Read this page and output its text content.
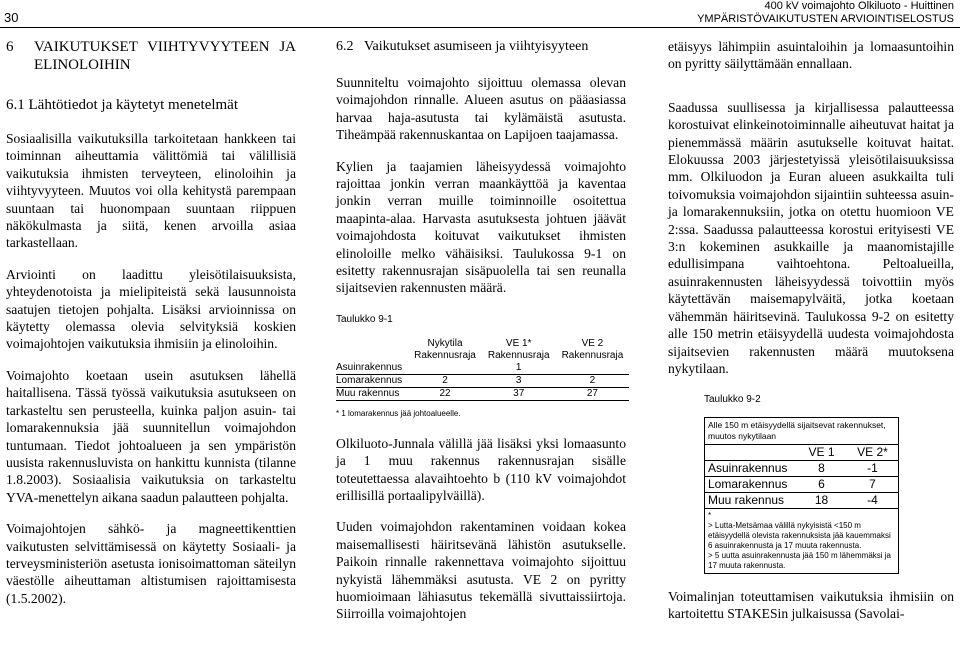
30
400 kV voimajohto Olkiluoto - Huittinen
YMPÄRISTÖVAIKUTUSTEN ARVIOINTISELOSTUS
6	VAIKUTUKSET VIIHTYVYYTEEN JA ELINOLOIHIN
6.1 Lähtötiedot ja käytetyt menetelmät

Sosiaalisilla vaikutuksilla tarkoitetaan hankkeen tai toiminnan aiheuttamia välittömiä tai välillisiä vaikutuksia ihmisten terveyteen, elinoloihin ja viihtyvyyteen. Muutos voi olla kehitystä parempaan suuntaan tai huonompaan suuntaan riippuen näkökulmasta ja siitä, kenen arvoilla asiaa tarkastellaan.

Arviointi on laadittu yleisötilaisuuksista, yhteydenotoista ja mielipiteistä sekä lausunnoista saatujen tietojen pohjalta. Lisäksi arvioinnissa on käytetty olemassa olevia selvityksiä koskien voimajohtojen vaikutuksia ihmisiin ja elinoloihin.

Voimajohto koetaan usein asutuksen lähellä haitallisena. Tässä työssä vaikutuksia asutukseen on tarkasteltu sen perusteella, kuinka paljon asuin- tai lomarakennuksia jää suunnitellun voimajohdon tuntumaan. Tiedot johtoalueen ja sen ympäristön uusista rakennusluvista on hankittu kunnista (tilanne 1.8.2003). Sosiaalisia vaikutuksia on tarkasteltu YVA-menettelyn aikana saadun palautteen pohjalta.

Voimajohtojen sähkö- ja magneettikenttien vaikutusten selvittämisessä on käytetty Sosiaali- ja terveysministeriön asetusta ionisoimattoman säteilyn väestölle aiheuttaman altistumisen rajoittamisesta (1.5.2002).

6.2 Vaikutukset asumiseen ja viihtyisyyteen

Suunniteltu voimajohto sijoittuu olemassa olevan voimajohdon rinnalle. Alueen asutus on pääasiassa harvaa haja-asutusta tai kylämäistä asutusta. Tiheämpää rakennuskantaa on Lapijoen taajamassa.

Kylien ja taajamien läheisyydessä voimajohto rajoittaa jonkin verran maankäyttöä ja kaventaa jonkin verran muille toiminnoille osoitettua maapinta-alaa. Harvasta asutuksesta johtuen jäävät voimajohdosta koituvat vaikutukset ihmisten elinoloille melko vähäisiksi. Taulukossa 9-1 on esitetty rakennusrajan sisäpuolella tai sen reunalla sijaitsevien rakennusten määrä.

Taulukko 9-1
	Nykytila Rakennusraja	VE 1* Rakennusraja	VE 2 Rakennusraja
Asuinrakennus		1	
Lomarakennus	2	3	2
Muu rakennus	22	37	27
* 1 lomarakennus jää johtoalueelle.

Olkiluoto-Junnala välillä jää lisäksi yksi lomaasunto ja 1 muu rakennus rakennusrajan sisälle toteutettaessa alavaihtoehto b (110 kV voimajohdot erillisillä portaalipylväillä).

Uuden voimajohdon rakentaminen voidaan kokea maisemallisesti häiritsevänä lähistön asutukselle. Paikoin rinnalle rakennettava voimajohto sijoittuu nykyistä lähemmäksi asutusta. VE 2 on pyritty huomioimaan lähiasutus tekemällä sivuttaissiirtoja. Siirroilla voimajohtojen

etäisyys lähimpiin asuintaloihin ja lomaasuntoihin on pyritty säilyttämään ennallaan.

Saadussa suullisessa ja kirjallisessa palautteessa korostuivat elinkeinotoiminnalle aiheutuvat haitat ja pienemmässä määrin asutukselle koituvat haitat. Elokuussa 2003 järjestetyissä yleisötilaisuuksissa mm. Olkiluodon ja Euran alueen asukkailta tuli toivomuksia voimajohdon sijaintiin suhteessa asuin- ja lomarakennuksiin, jotka on otettu huomioon VE 2:ssa. Saadussa palautteessa korostui erityisesti VE 3:n kokeminen asukkaille ja maanomistajille edullisimpana vaihtoehtona. Peltoalueilla, asuinrakennusten läheisyydessä toivottiin myös käytettävän maisemapylväitä, jotka koetaan vähemmän häiritsevinä. Taulukossa 9-2 on esitetty alle 150 metrin etäisyydellä uudesta voimajohdosta sijaitsevien rakennusten määrä muutoksena nykytilaan.

Taulukko 9-2
Alle 150 m etäisyydellä sijaitsevat rakennukset, muutos nykytilaan
	VE 1	VE 2*
Asuinrakennus	8	-1
Lomarakennus	6	7
Muu rakennus	18	-4
*
> Lutta-Metsämaa välillä nykyisistä <150 m etäisyydellä olevista rakennuksista jää kauemmaksi 6 asuinrakennusta ja 17 muuta rakennusta.
> 5 uutta asuinrakennusta jää 150 m lähemmäksi ja 17 muuta rakennusta.

Voimalinjan toteuttamisen vaikutuksia ihmisiin on kartoitettu STAKESin julkaisussa (Savolai-
